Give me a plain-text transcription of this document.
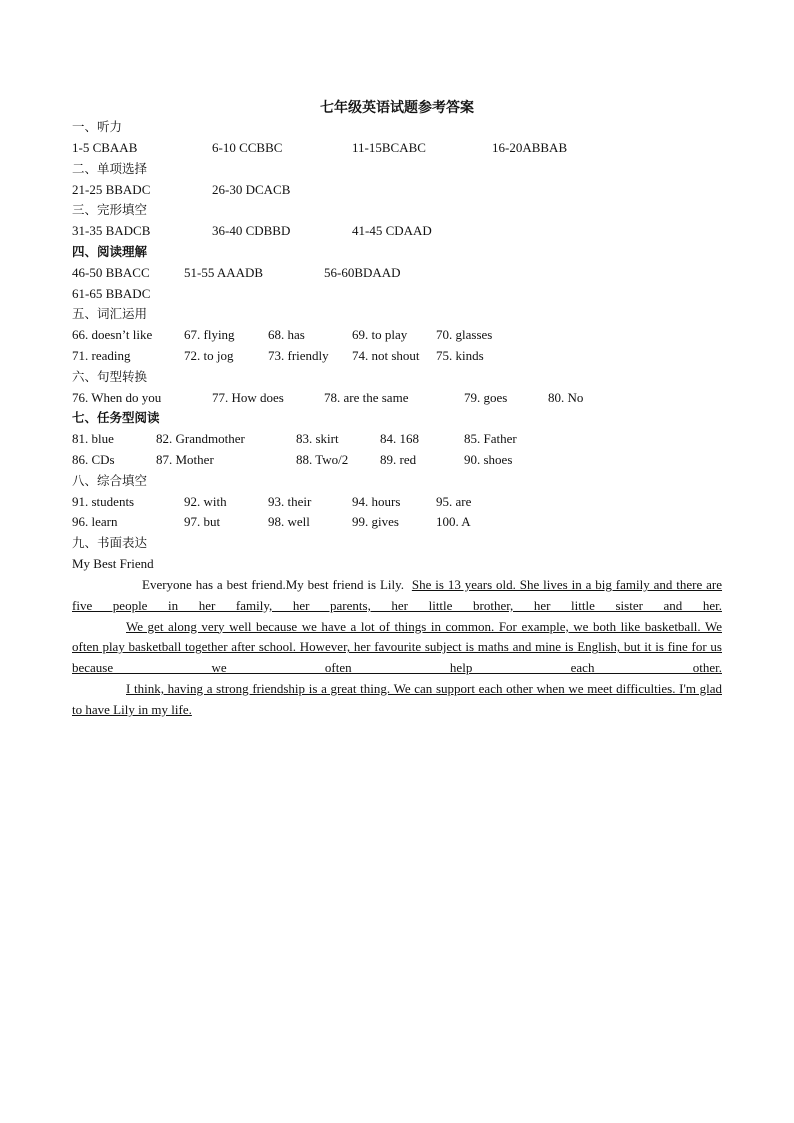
七年级英语试题参考答案
一、听力
1-5 CBAAB	6-10 CCBBC	11-15BCABC	16-20ABBAB
二、单项选择
21-25 BBADC	26-30 DCACB
三、完形填空
31-35 BADCB	36-40 CDBBD	41-45 CDAAD
四、阅读理解
46-50 BBACC	51-55 AAADB	56-60BDAAD
61-65 BBADC
五、词汇运用
66. doesn’t like 67. flying	68. has	69. to play 70. glasses
71. reading	72. to jog	73. friendly 74. not shout 75. kinds
六、句型转换
76. When do you	77. How does	78. are the same	79. goes	80. No
七、任务型阅读
81. blue	82. Grandmother	83. skirt	84. 168	85. Father
86. CDs	87. Mother	88. Two/2 89. red	90. shoes
八、综合填空
91. students	92. with	93. their	94. hours	95. are
96. learn	97. but	98. well	99. gives	100. A
九、书面表达
My Best Friend

Everyone has a best friend.My best friend is Lily. She is 13 years old. She lives in a big family and there are five people in her family, her parents, her little brother, her little sister and her.

We get along very well because we have a lot of things in common. For example, we both like basketball. We often play basketball together after school. However, her favourite subject is maths and mine is English, but it is fine for us because we often help each other.

I think, having a strong friendship is a great thing. We can support each other when we meet difficulties. I'm glad to have Lily in my life.
